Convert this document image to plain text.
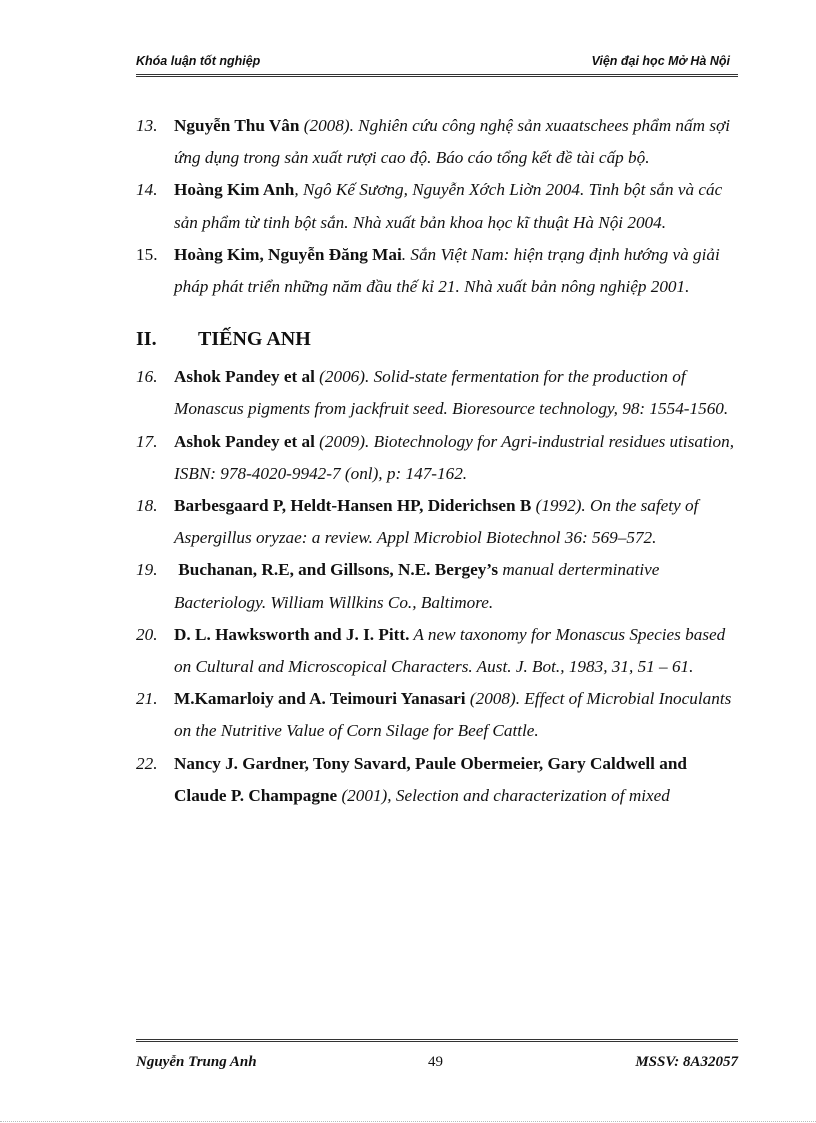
Khóa luận tốt nghiệp	Viện đại học Mở Hà Nội
13. Nguyễn Thu Vân (2008). Nghiên cứu công nghệ sản xuaatschees phẩm nấm sợi ứng dụng trong sản xuất rượi cao độ. Báo cáo tổng kết đề tài cấp bộ.
14. Hoàng Kim Anh, Ngô Kế Sương, Nguyễn Xớch Liờn 2004. Tinh bột sắn và các sản phẩm từ tinh bột sắn. Nhà xuất bản khoa học kĩ thuật Hà Nội 2004.
15. Hoàng Kim, Nguyễn Đăng Mai. Sắn Việt Nam: hiện trạng định hướng và giải pháp phát triển những năm đầu thế kỉ 21. Nhà xuất bản nông nghiệp 2001.
II. TIẾNG ANH
16. Ashok Pandey et al (2006). Solid-state fermentation for the production of Monascus pigments from jackfruit seed. Bioresource technology, 98: 1554-1560.
17. Ashok Pandey et al (2009). Biotechnology for Agri-industrial residues utisation, ISBN: 978-4020-9942-7 (onl), p: 147-162.
18. Barbesgaard P, Heldt-Hansen HP, Diderichsen B (1992). On the safety of Aspergillus oryzae: a review. Appl Microbiol Biotechnol 36: 569–572.
19. Buchanan, R.E, and Gillsons, N.E. Bergey’s manual derterminative Bacteriology. William Willkins Co., Baltimore.
20. D. L. Hawksworth and J. I. Pitt. A new taxonomy for Monascus Species based on Cultural and Microscopical Characters. Aust. J. Bot., 1983, 31, 51 – 61.
21. M.Kamarloiy and A. Teimouri Yanasari (2008). Effect of Microbial Inoculants on the Nutritive Value of Corn Silage for Beef Cattle.
22. Nancy J. Gardner, Tony Savard, Paule Obermeier, Gary Caldwell and Claude P. Champagne (2001), Selection and characterization of mixed
Nguyễn Trung Anh	49	MSSV: 8A32057
